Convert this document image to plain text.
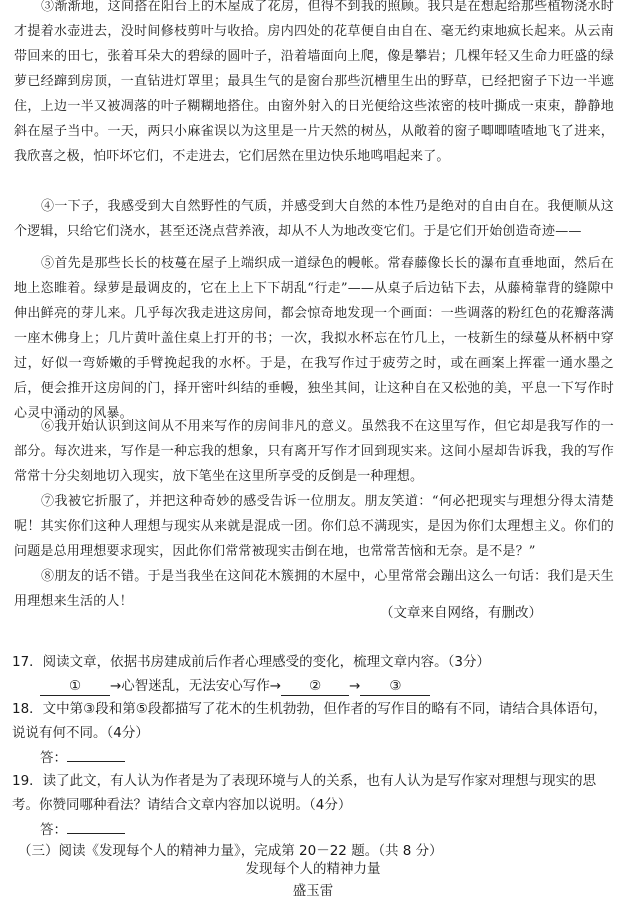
③渐渐地，这间搭在阳台上的木屋成了花房，但得不到我的照顾。我只是在想起给那些植物浇水时才提着水壶进去，没时间修枝剪叶与收拾。房内四处的花草便自由自在、毫无约束地疯长起来。从云南带回来的田七，张着耳朵大的碧绿的圆叶子，沿着墙面向上爬，像是攀岩；几棵年轻又生命力旺盛的绿萝已经蹿到房顶，一直钻进灯罩里；最具生气的是窗台那些沉槽里生出的野草，已经把窗子下边一半遮住，上边一半又被凋落的叶子糊糊地搭住。由窗外射入的日光便给这些浓密的枝叶撕成一束束，静静地斜在屋子当中。一天，两只小麻雀误以为这里是一片天然的树丛，从敞着的窗子唧唧喳喳地飞了进来，我欣喜之极，怕吓坏它们，不走进去，它们居然在里边快乐地鸣唱起来了。

④一下子，我感受到大自然野性的气质，并感受到大自然的本性乃是绝对的自由自在。我便顺从这个逻辑，只给它们浇水，甚至还浇点营养液，却从不人为地改变它们。于是它们开始创造奇迹——

⑤首先是那些长长的枝蔓在屋子上端织成一道绿色的幔帐。常春藤像长长的瀑布直垂地面，然后在地上恣睢着。绿萝是最调皮的，它在上上下下胡乱“行走”——从桌子后边钻下去，从藤椅靠背的缝隙中伸出鲜亮的芽儿来。几乎每次我走进这房间，都会惊奇地发现一个画面：一些调落的粉红色的花瓣落满一座木佛身上；几片黄叶盖住桌上打开的书；一次，我拟水杯忘在竹几上，一枝新生的绿蔓从杯柄中穿过，好似一弯娇嫩的手臂挽起我的水杯。于是，在我写作过于疲劳之时，或在画案上挥霍一通水墨之后，便会推开这房间的门，择开密叶纠结的垂幔，独坐其间，让这种自在又松弛的美，平息一下写作时心灵中涌动的风暴。

⑥我开始认识到这间从不用来写作的房间非凡的意义。虽然我不在这里写作，但它却是我写作的一部分。每次进来，写作是一种忘我的想象，只有离开写作才回到现实来。这间小屋却告诉我，我的写作常常十分尖刻地切入现实，放下笔坐在这里所享受的反倒是一种理想。

⑦我被它折服了，并把这种奇妙的感受告诉一位朋友。朋友笑道：“何必把现实与理想分得太清楚呢！其实你们这种人理想与现实从来就是混成一团。你们总不满现实，是因为你们太理想主义。你们的问题是总用理想要求现实，因此你们常常被现实击倒在地，也常常苦恼和无奈。是不是？”

⑧朋友的话不错。于是当我坐在这间花木簇拥的木屋中，心里常常会蹦出这么一句话：我们是天生用理想来生活的人！

（文章来自网络，有删改）
17．阅读文章，依据书房建成前后作者心理感受的变化，梳理文章内容。（3分）
① →心智迷乱，无法安心写作→ ② → ③
18．文中第③段和第⑤段都描写了花木的生机勃勃，但作者的写作目的略有不同，请结合具体语句，说说有何不同。（4分）
答：
19．读了此文，有人认为作者是为了表现环境与人的关系，也有人认为是写作家对理想与现实的思考。你赞同哪种看法？请结合文章内容加以说明。（4分）
答：
（三）阅读《发现每个人的精神力量》，完成第 20－22 题。（共 8 分）
发现每个人的精神力量
盛玉雷
